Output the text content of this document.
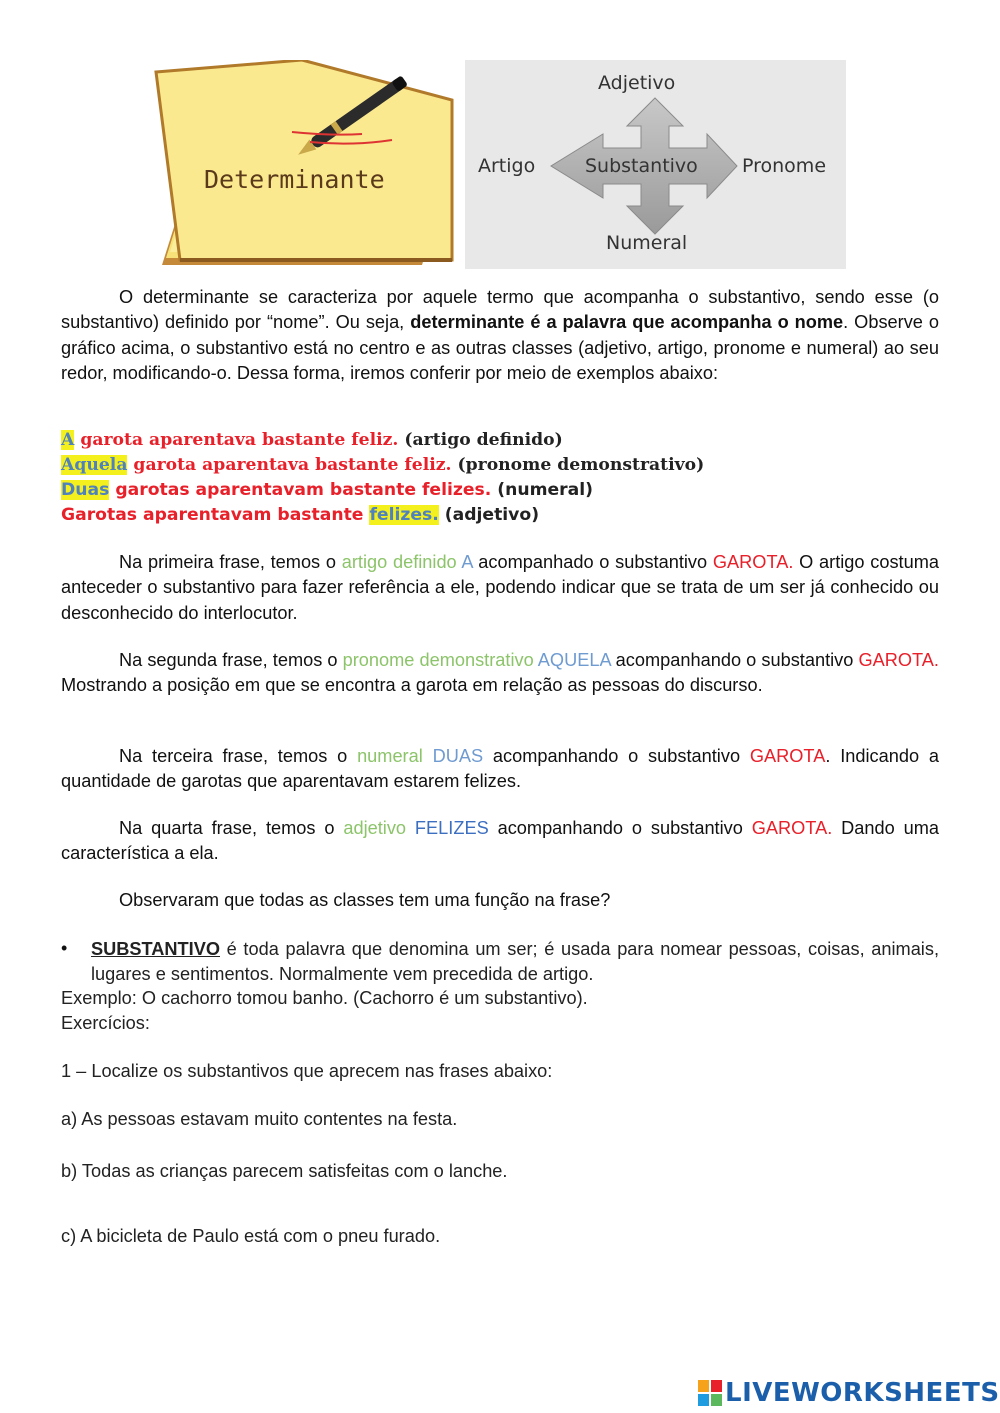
Determinante
Adjetivo
Artigo	Substantivo Pronome
Numeral
O determinante se caracteriza por aquele termo que acompanha o substantivo, sendo esse (o substantivo) definido por “nome”. Ou seja, determinante é a palavra que acompanha o nome. Observe o gráfico acima, o substantivo está no centro e as outras classes (adjetivo, artigo, pronome e numeral) ao seu redor, modificando-o. Dessa forma, iremos conferir por meio de exemplos abaixo:
A garota aparentava bastante feliz. (artigo definido)
Aquela garota aparentava bastante feliz. (pronome demonstrativo)
Duas garotas aparentavam bastante felizes. (numeral)
Garotas aparentavam bastante felizes. (adjetivo)
Na primeira frase, temos o artigo definido A acompanhado o substantivo GAROTA. O artigo costuma anteceder o substantivo para fazer referência a ele, podendo indicar que se trata de um ser já conhecido ou desconhecido do interlocutor.
Na segunda frase, temos o pronome demonstrativo AQUELA acompanhando o substantivo GAROTA. Mostrando a posição em que se encontra a garota em relação as pessoas do discurso.
Na terceira frase, temos o numeral DUAS acompanhando o substantivo GAROTA. Indicando a quantidade de garotas que aparentavam estarem felizes.
Na quarta frase, temos o adjetivo FELIZES acompanhando o substantivo GAROTA. Dando uma característica a ela.
Observaram que todas as classes tem uma função na frase?
• SUBSTANTIVO é toda palavra que denomina um ser; é usada para nomear pessoas, coisas, animais, lugares e sentimentos. Normalmente vem precedida de artigo.
Exemplo: O cachorro tomou banho. (Cachorro é um substantivo).
Exercícios:
1 – Localize os substantivos que aprecem nas frases abaixo:
a) As pessoas estavam muito contentes na festa.
b) Todas as crianças parecem satisfeitas com o lanche.
c) A bicicleta de Paulo está com o pneu furado.
LIVEWORKSHEETS
